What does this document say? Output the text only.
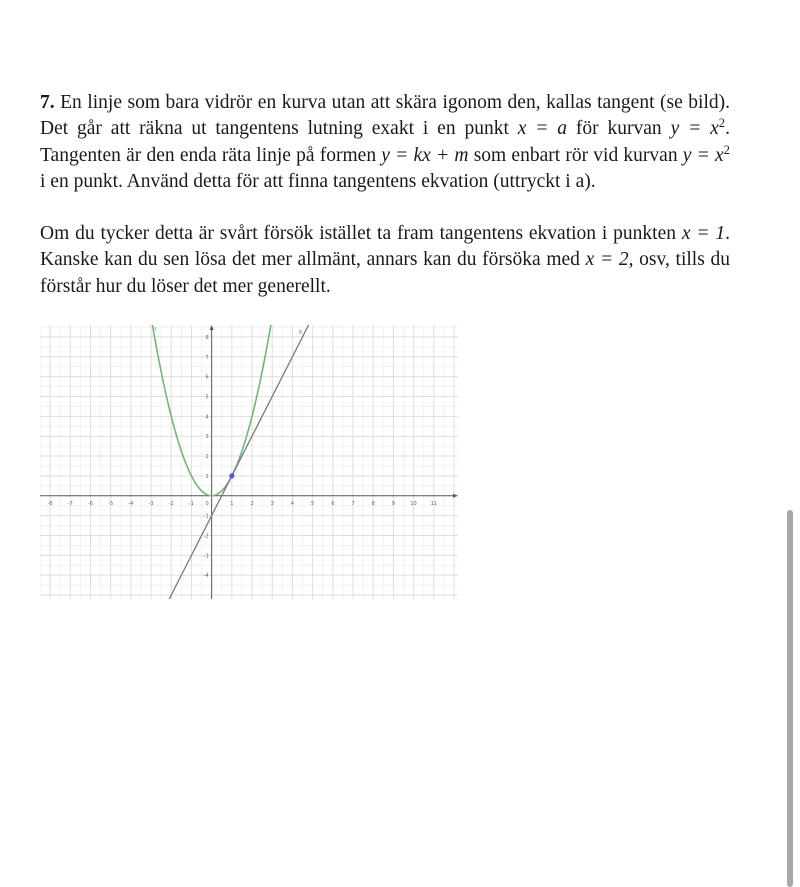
7. En linje som bara vidrör en kurva utan att skära igonom den, kallas tangent (se bild). Det går att räkna ut tangentens lutning exakt i en punkt x = a för kurvan $y = x^2$. Tangenten är den enda räta linje på formen y = kx + m som enbart rör vid kurvan $y = x^2$ i en punkt. Använd detta för att finna tangentens ekvation (uttryckt i a).

Om du tycker detta är svårt försök istället ta fram tangentens ekvation i punkten x = 1. Kanske kan du sen lösa det mer allmänt, annars kan du försöka med x = 2, osv, tills du förstår hur du löser det mer generellt.

-8	-7	-6	-5	-4	-3	-2	-1	1	2	3	4	5	6	7	8	9	10	11
-4
-3
-2
-1
1
2
3
4
5
6
7
8
0
f	g
